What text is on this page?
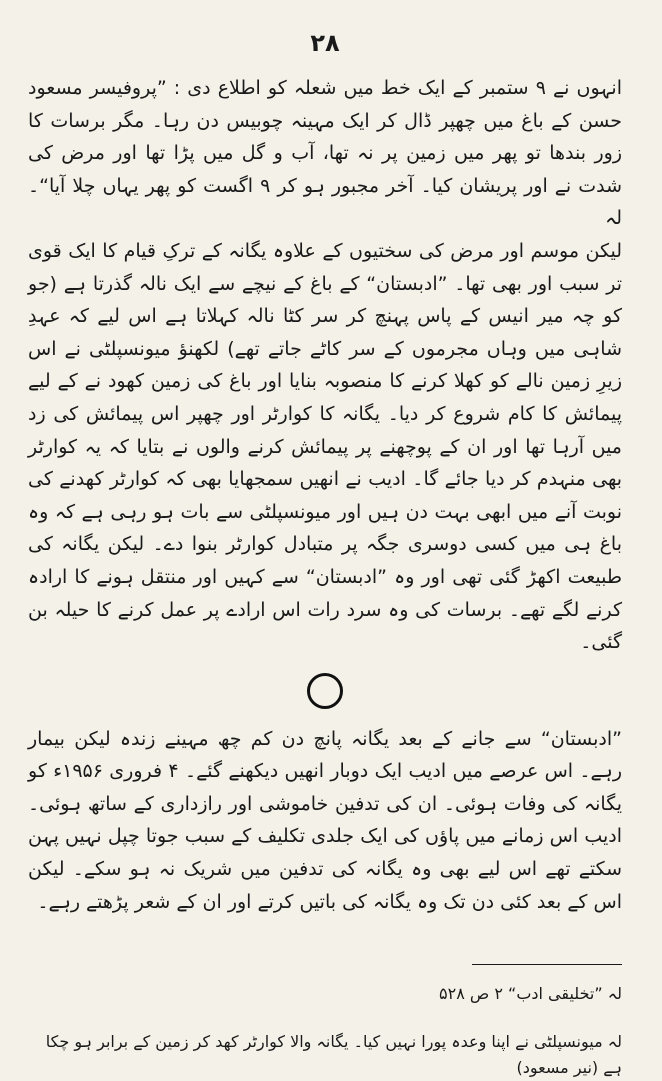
٢٨

انہوں نے ۹ ستمبر کے ایک خط میں شعلہ کو اطلاع دی : ”پروفیسر مسعود حسن کے باغ میں چھپر ڈال کر ایک مہینہ چوبیس دن رہا۔ مگر برسات کا زور بندھا تو پھر میں زمین پر نہ تھا، آب و گل میں پڑا تھا اور مرض کی شدت نے اور پریشان کیا۔ آخر مجبور ہو کر ۹ اگست کو پھر یہاں چلا آیا“۔ لہ

لیکن موسم اور مرض کی سختیوں کے علاوہ یگانہ کے ترکِ قیام کا ایک قوی تر سبب اور بھی تھا۔ ”ادبستان“ کے باغ کے نیچے سے ایک نالہ گذرتا ہے (جو کو چہ میر انیس کے پاس پہنچ کر سر کٹا نالہ کہلاتا ہے اس لیے کہ عہدِ شاہی میں وہاں مجرموں کے سر کاٹے جاتے تھے) لکھنؤ میونسپلٹی نے اس زیرِ زمین نالے کو کھلا کرنے کا منصوبہ بنایا اور باغ کی زمین کھود نے کے لیے پیمائش کا کام شروع کر دیا۔ یگانہ کا کوارٹر اور چھپر اس پیمائش کی زد میں آرہا تھا اور ان کے پوچھنے پر پیمائش کرنے والوں نے بتایا کہ یہ کوارٹر بھی منہدم کر دیا جائے گا۔ ادیب نے انھیں سمجھایا بھی کہ کوارٹر کھدنے کی نوبت آنے میں ابھی بہت دن ہیں اور میونسپلٹی سے بات ہو رہی ہے کہ وہ باغ ہی میں کسی دوسری جگہ پر متبادل کوارٹر بنوا دے۔ لیکن یگانہ کی طبیعت اکھڑ گئی تھی اور وہ ”ادبستان“ سے کہیں اور منتقل ہونے کا ارادہ کرنے لگے تھے۔ برسات کی وہ سرد رات اس ارادے پر عمل کرنے کا حیلہ بن گئی۔

”ادبستان“ سے جانے کے بعد یگانہ پانچ دن کم چھ مہینے زندہ لیکن بیمار رہے۔ اس عرصے میں ادیب ایک دوبار انھیں دیکھنے گئے۔ ۴ فروری ۱۹۵۶ء کو یگانہ کی وفات ہوئی۔ ان کی تدفین خاموشی اور رازداری کے ساتھ ہوئی۔ ادیب اس زمانے میں پاؤں کی ایک جلدی تکلیف کے سبب جوتا چپل نہیں پہن سکتے تھے اس لیے بھی وہ یگانہ کی تدفین میں شریک نہ ہو سکے۔ لیکن اس کے بعد کئی دن تک وہ یگانہ کی باتیں کرتے اور ان کے شعر پڑھتے رہے۔

لہ ”تخلیقی ادب“ ۲ ص ۵۲۸

لہ میونسپلٹی نے اپنا وعدہ پورا نہیں کیا۔ یگانہ والا کوارٹر کھد کر زمین کے برابر ہو چکا ہے (نیر مسعود)
